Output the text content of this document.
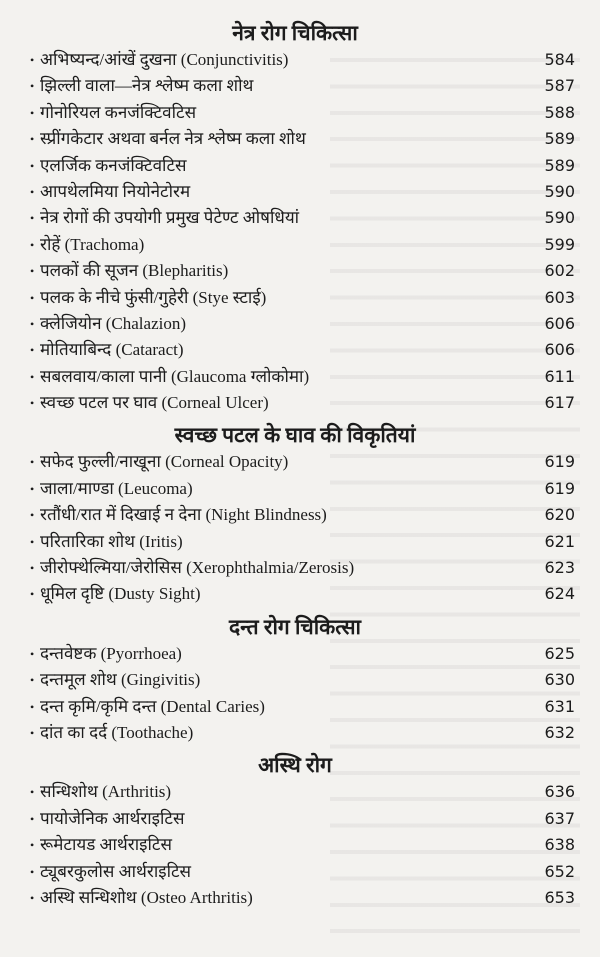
नेत्र रोग चिकित्सा
• अभिष्यन्द/आंखें दुखना (Conjunctivitis)	584
• झिल्ली वाला—नेत्र श्लेष्म कला शोथ	587
• गोनोरियल कनजंक्टिवटिस	588
• स्प्रींगकेटार अथवा बर्नल नेत्र श्लेष्म कला शोथ	589
• एलर्जिक कनजंक्टिवटिस	589
• आपथेलमिया नियोनेटोरम	590
• नेत्र रोगों की उपयोगी प्रमुख पेटेण्ट ओषधियां	590
• रोहें (Trachoma)	599
• पलकों की सूजन (Blepharitis)	602
• पलक के नीचे फुंसी/गुहेरी (Stye स्टाई)	603
• क्लेजियोन (Chalazion)	606
• मोतियाबिन्द (Cataract)	606
• सबलवाय/काला पानी (Glaucoma ग्लोकोमा)	611
• स्वच्छ पटल पर घाव (Corneal Ulcer)	617
स्वच्छ पटल के घाव की विकृतियां
• सफेद फुल्ली/नाखूना (Corneal Opacity)	619
• जाला/माण्डा (Leucoma)	619
• रतौंधी/रात में दिखाई न देना (Night Blindness)	620
• परितारिका शोथ (Iritis)	621
• जीरोफ्थेल्मिया/जेरोसिस (Xerophthalmia/Zerosis)	623
• धूमिल दृष्टि (Dusty Sight)	624
दन्त रोग चिकित्सा
• दन्तवेष्टक (Pyorrhoea)	625
• दन्तमूल शोथ (Gingivitis)	630
• दन्त कृमि/कृमि दन्त (Dental Caries)	631
• दांत का दर्द (Toothache)	632
अस्थि रोग
• सन्धिशोथ (Arthritis)	636
• पायोजेनिक आर्थराइटिस	637
• रूमेटायड आर्थराइटिस	638
• ट्यूबरकुलोस आर्थराइटिस	652
• अस्थि सन्धिशोथ (Osteo Arthritis)	653
